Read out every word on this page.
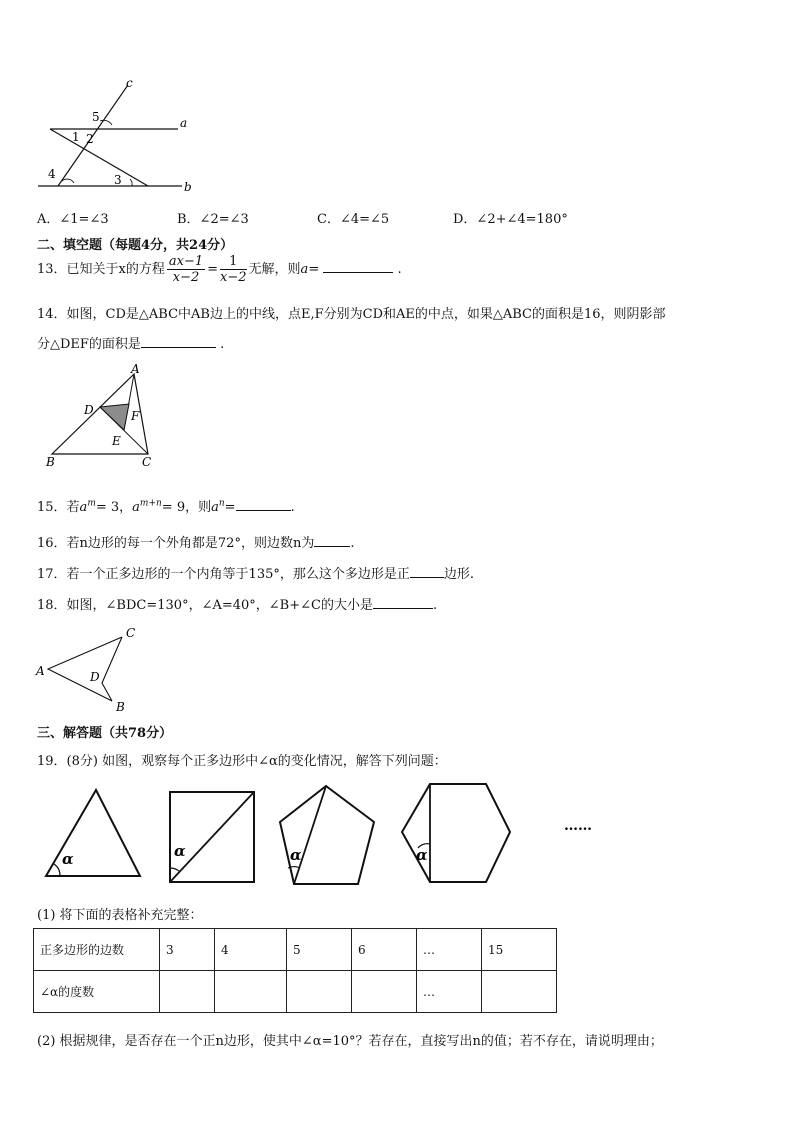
c
a
b
5
1 2
3
4
A．∠1=∠3	B．∠2=∠3	C．∠4=∠5	D．∠2+∠4=180°
二、填空题（每题4分，共24分）
13．已知关于x的方程 $\frac{ax-1}{x-2} = \frac{1}{x-2}$ 无解，则a=	.
14．如图，CD是△ABC中AB边上的中线，点E,F分别为CD和AE的中点，如果△ABC的面积是16，则阴影部
分△DEF的面积是	.
A
D	F
E
B	C
15．若$a^m= 3$，$a^{m+n}= 9$，则$a^n=$	.
16．若n边形的每一个外角都是72°，则边数n为	.
17．若一个正多边形的一个内角等于135°，那么这个多边形是正	边形.
18．如图，∠BDC=130°，∠A=40°，∠B+∠C的大小是	.
C
A	D
B
三、解答题（共78分）
19．(8分) 如图，观察每个正多边形中∠α的变化情况，解答下列问题：
α	α	α	α
……
(1) 将下面的表格补充完整：
正多边形的边数	3	4	5	6	…	15
∠α的度数					…	
(2) 根据规律，是否存在一个正n边形，使其中∠α=10°？若存在，直接写出n的值；若不存在，请说明理由；
